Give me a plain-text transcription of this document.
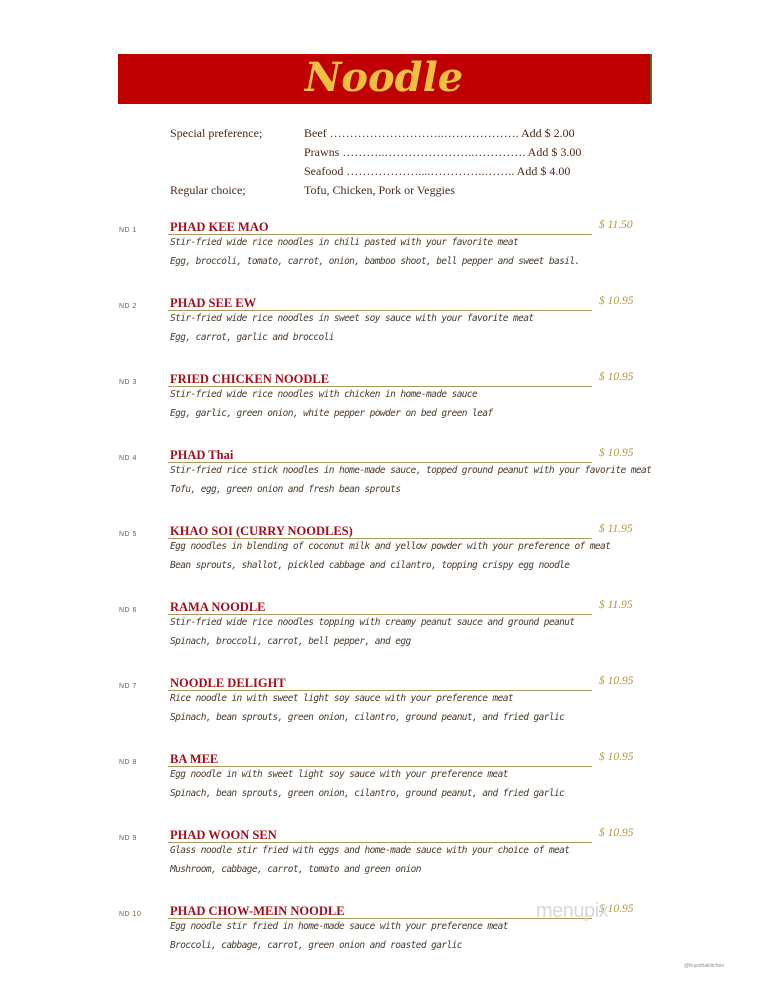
Noodle
Special preference;	Beef ………………………..………………. Add $ 2.00
Prawns ………..…………………..…………. Add $ 3.00
Seafood ………………....…………..…….. Add $ 4.00
Regular choice;	Tofu, Chicken, Pork or Veggies
ND 1	PHAD KEE MAO	$ 11.50
Stir-fried wide rice noodles in chili pasted with your favorite meat
Egg, broccoli, tomato, carrot, onion, bamboo shoot, bell pepper and sweet basil.
ND 2	PHAD SEE EW	$ 10.95
Stir-fried wide rice noodles in sweet soy sauce with your favorite meat
Egg, carrot, garlic and broccoli
ND 3	FRIED CHICKEN NOODLE	$ 10.95
Stir-fried wide rice noodles with chicken in home-made sauce
Egg, garlic, green onion, white pepper powder on bed green leaf
ND 4	PHAD Thai	$ 10.95
Stir-fried rice stick noodles in home-made sauce, topped ground peanut with your favorite meat
Tofu, egg, green onion and fresh bean sprouts
ND 5	KHAO SOI (CURRY NOODLES)	$ 11.95
Egg noodles in blending of coconut milk and yellow powder with your preference of meat
Bean sprouts, shallot, pickled cabbage and cilantro, topping crispy egg noodle
ND 6	RAMA NOODLE	$ 11.95
Stir-fried wide rice noodles topping with creamy peanut sauce and ground peanut
Spinach, broccoli, carrot, bell pepper, and egg
ND 7	NOODLE DELIGHT	$ 10.95
Rice noodle in with sweet light soy sauce with your preference meat
Spinach, bean sprouts, green onion, cilantro, ground peanut, and fried garlic
ND 8	BA MEE	$ 10.95
Egg noodle in with sweet light soy sauce with your preference meat
Spinach, bean sprouts, green onion, cilantro, ground peanut, and fried garlic
ND 9	PHAD WOON SEN	$ 10.95
Glass noodle stir fried with eggs and home-made sauce with your choice of meat
Mushroom, cabbage, carrot, tomato and green onion
ND 10 PHAD CHOW-MEIN NOODLE	$ 10.95
Egg noodle stir fried in home-made sauce with your preference meat
Broccoli, cabbage, carrot, green onion and roasted garlic
menupix
@fruyothaikitchen
